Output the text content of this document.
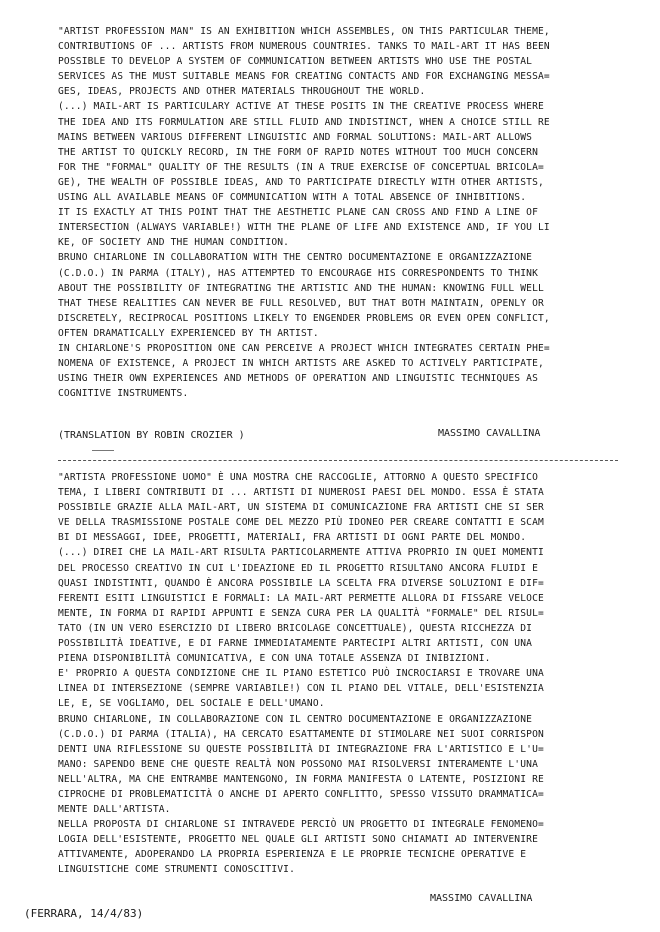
"ARTIST PROFESSION MAN" IS AN EXHIBITION WHICH ASSEMBLES, ON THIS PARTICULAR THEME,
CONTRIBUTIONS OF ... ARTISTS FROM NUMEROUS COUNTRIES. TANKS TO MAIL-ART IT HAS BEEN
POSSIBLE TO DEVELOP A SYSTEM OF COMMUNICATION BETWEEN ARTISTS WHO USE THE POSTAL
SERVICES AS THE MUST SUITABLE MEANS FOR CREATING CONTACTS AND FOR EXCHANGING MESSA=
GES, IDEAS, PROJECTS AND OTHER MATERIALS THROUGHOUT THE WORLD.
(...) MAIL-ART IS PARTICULARY ACTIVE AT THESE POSITS IN THE CREATIVE PROCESS WHERE
THE IDEA AND ITS FORMULATION ARE STILL FLUID AND INDISTINCT, WHEN A CHOICE STILL RE
MAINS BETWEEN VARIOUS DIFFERENT LINGUISTIC AND FORMAL SOLUTIONS: MAIL-ART ALLOWS
THE ARTIST TO QUICKLY RECORD, IN THE FORM OF RAPID NOTES WITHOUT TOO MUCH CONCERN
FOR THE "FORMAL" QUALITY OF THE RESULTS (IN A TRUE EXERCISE OF CONCEPTUAL BRICOLA=
GE), THE WEALTH OF POSSIBLE IDEAS, AND TO PARTICIPATE DIRECTLY WITH OTHER ARTISTS,
USING ALL AVAILABLE MEANS OF COMMUNICATION WITH A TOTAL ABSENCE OF INHIBITIONS.
IT IS EXACTLY AT THIS POINT THAT THE AESTHETIC PLANE CAN CROSS AND FIND A LINE OF
INTERSECTION (ALWAYS VARIABLE!) WITH THE PLANE OF LIFE AND EXISTENCE AND, IF YOU LI
KE, OF SOCIETY AND THE HUMAN CONDITION.
BRUNO CHIARLONE IN COLLABORATION WITH THE CENTRO DOCUMENTAZIONE E ORGANIZZAZIONE
(C.D.O.) IN PARMA (ITALY), HAS ATTEMPTED TO ENCOURAGE HIS CORRESPONDENTS TO THINK
ABOUT THE POSSIBILITY OF INTEGRATING THE ARTISTIC AND THE HUMAN: KNOWING FULL WELL
THAT THESE REALITIES CAN NEVER BE FULL RESOLVED, BUT THAT BOTH MAINTAIN, OPENLY OR
DISCRETELY, RECIPROCAL POSITIONS LIKELY TO ENGENDER PROBLEMS OR EVEN OPEN CONFLICT,
OFTEN DRAMATICALLY EXPERIENCED BY TH ARTIST.
IN CHIARLONE'S PROPOSITION ONE CAN PERCEIVE A PROJECT WHICH INTEGRATES CERTAIN PHE=
NOMENA OF EXISTENCE, A PROJECT IN WHICH ARTISTS ARE ASKED TO ACTIVELY PARTICIPATE,
USING THEIR OWN EXPERIENCES AND METHODS OF OPERATION AND LINGUISTIC TECHNIQUES AS
COGNITIVE INSTRUMENTS.
(TRANSLATION BY ROBIN CROZIER )	MASSIMO CAVALLINA
"ARTISTA PROFESSIONE UOMO" È UNA MOSTRA CHE RACCOGLIE, ATTORNO A QUESTO SPECIFICO
TEMA, I LIBERI CONTRIBUTI DI ... ARTISTI DI NUMEROSI PAESI DEL MONDO. ESSA È STATA
POSSIBILE GRAZIE ALLA MAIL-ART, UN SISTEMA DI COMUNICAZIONE FRA ARTISTI CHE SI SER
VE DELLA TRASMISSIONE POSTALE COME DEL MEZZO PIÙ IDONEO PER CREARE CONTATTI E SCAM
BI DI MESSAGGI, IDEE, PROGETTI, MATERIALI, FRA ARTISTI DI OGNI PARTE DEL MONDO.
(...) DIREI CHE LA MAIL-ART RISULTA PARTICOLARMENTE ATTIVA PROPRIO IN QUEI MOMENTI
DEL PROCESSO CREATIVO IN CUI L'IDEAZIONE ED IL PROGETTO RISULTANO ANCORA FLUIDI E
QUASI INDISTINTI, QUANDO È ANCORA POSSIBILE LA SCELTA FRA DIVERSE SOLUZIONI E DIF=
FERENTI ESITI LINGUISTICI E FORMALI: LA MAIL-ART PERMETTE ALLORA DI FISSARE VELOCE
MENTE, IN FORMA DI RAPIDI APPUNTI E SENZA CURA PER LA QUALITÀ "FORMALE" DEL RISUL=
TATO (IN UN VERO ESERCIZIO DI LIBERO BRICOLAGE CONCETTUALE), QUESTA RICCHEZZA DI
POSSIBILITÀ IDEATIVE, E DI FARNE IMMEDIATAMENTE PARTECIPI ALTRI ARTISTI, CON UNA
PIENA DISPONIBILITÀ COMUNICATIVA, E CON UNA TOTALE ASSENZA DI INIBIZIONI.
E' PROPRIO A QUESTA CONDIZIONE CHE IL PIANO ESTETICO PUÒ INCROCIARSI E TROVARE UNA
LINEA DI INTERSEZIONE (SEMPRE VARIABILE!) CON IL PIANO DEL VITALE, DELL'ESISTENZIA
LE, E, SE VOGLIAMO, DEL SOCIALE E DELL'UMANO.
BRUNO CHIARLONE, IN COLLABORAZIONE CON IL CENTRO DOCUMENTAZIONE E ORGANIZZAZIONE
(C.D.O.) DI PARMA (ITALIA), HA CERCATO ESATTAMENTE DI STIMOLARE NEI SUOI CORRISPON
DENTI UNA RIFLESSIONE SU QUESTE POSSIBILITÀ DI INTEGRAZIONE FRA L'ARTISTICO E L'U=
MANO: SAPENDO BENE CHE QUESTE REALTÀ NON POSSONO MAI RISOLVERSI INTERAMENTE L'UNA
NELL'ALTRA, MA CHE ENTRAMBE MANTENGONO, IN FORMA MANIFESTA O LATENTE, POSIZIONI RE
CIPROCHE DI PROBLEMATICITÀ O ANCHE DI APERTO CONFLITTO, SPESSO VISSUTO DRAMMATICA=
MENTE DALL'ARTISTA.
NELLA PROPOSTA DI CHIARLONE SI INTRAVEDE PERCIÒ UN PROGETTO DI INTEGRALE FENOMENO=
LOGIA DELL'ESISTENTE, PROGETTO NEL QUALE GLI ARTISTI SONO CHIAMATI AD INTERVENIRE
ATTIVAMENTE, ADOPERANDO LA PROPRIA ESPERIENZA E LE PROPRIE TECNICHE OPERATIVE E
LINGUISTICHE COME STRUMENTI CONOSCITIVI.
MASSIMO CAVALLINA
(FERRARA, 14/4/83)
